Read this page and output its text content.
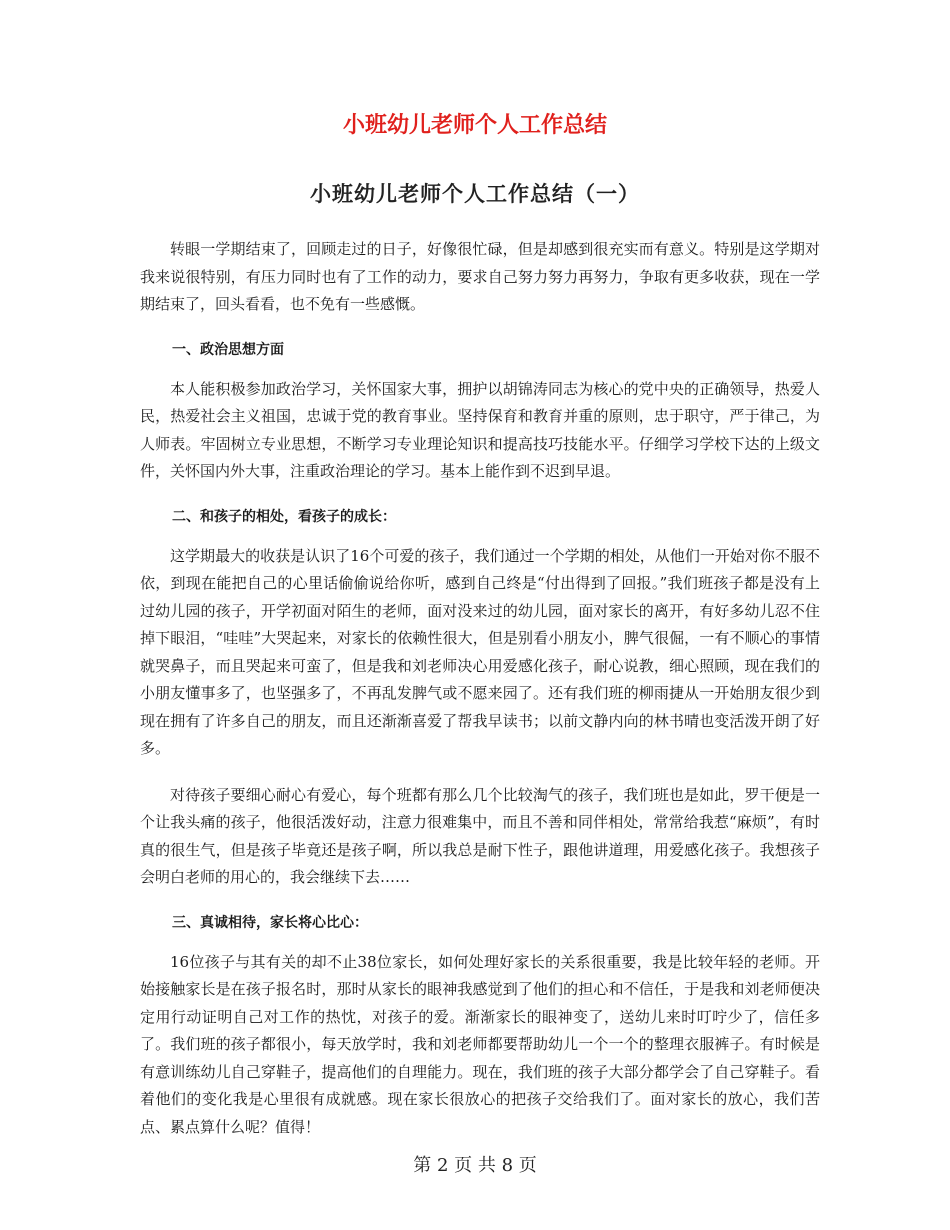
小班幼儿老师个人工作总结
小班幼儿老师个人工作总结（一）

转眼一学期结束了，回顾走过的日子，好像很忙碌，但是却感到很充实而有意义。特别是这学期对我来说很特别，有压力同时也有了工作的动力，要求自己努力努力再努力，争取有更多收获，现在一学期结束了，回头看看，也不免有一些感慨。

一、政治思想方面

本人能积极参加政治学习，关怀国家大事，拥护以胡锦涛同志为核心的党中央的正确领导，热爱人民，热爱社会主义祖国，忠诚于党的教育事业。坚持保育和教育并重的原则，忠于职守，严于律己，为人师表。牢固树立专业思想，不断学习专业理论知识和提高技巧技能水平。仔细学习学校下达的上级文件，关怀国内外大事，注重政治理论的学习。基本上能作到不迟到早退。

二、和孩子的相处，看孩子的成长：

这学期最大的收获是认识了16个可爱的孩子，我们通过一个学期的相处，从他们一开始对你不服不依，到现在能把自己的心里话偷偷说给你听，感到自己终是“付出得到了回报。”我们班孩子都是没有上过幼儿园的孩子，开学初面对陌生的老师，面对没来过的幼儿园，面对家长的离开，有好多幼儿忍不住掉下眼泪，“哇哇”大哭起来，对家长的依赖性很大，但是别看小朋友小，脾气很倔，一有不顺心的事情就哭鼻子，而且哭起来可蛮了，但是我和刘老师决心用爱感化孩子，耐心说教，细心照顾，现在我们的小朋友懂事多了，也坚强多了，不再乱发脾气或不愿来园了。还有我们班的柳雨捷从一开始朋友很少到现在拥有了许多自己的朋友，而且还渐渐喜爱了帮我早读书；以前文静内向的林书晴也变活泼开朗了好多。

对待孩子要细心耐心有爱心，每个班都有那么几个比较淘气的孩子，我们班也是如此，罗干便是一个让我头痛的孩子，他很活泼好动，注意力很难集中，而且不善和同伴相处，常常给我惹“麻烦”，有时真的很生气，但是孩子毕竟还是孩子啊，所以我总是耐下性子，跟他讲道理，用爱感化孩子。我想孩子会明白老师的用心的，我会继续下去……

三、真诚相待，家长将心比心：

16位孩子与其有关的却不止38位家长，如何处理好家长的关系很重要，我是比较年轻的老师。开始接触家长是在孩子报名时，那时从家长的眼神我感觉到了他们的担心和不信任，于是我和刘老师便决定用行动证明自己对工作的热忱，对孩子的爱。渐渐家长的眼神变了，送幼儿来时叮咛少了，信任多了。我们班的孩子都很小，每天放学时，我和刘老师都要帮助幼儿一个一个的整理衣服裤子。有时候是有意训练幼儿自己穿鞋子，提高他们的自理能力。现在，我们班的孩子大部分都学会了自己穿鞋子。看着他们的变化我是心里很有成就感。现在家长很放心的把孩子交给我们了。面对家长的放心，我们苦点、累点算什么呢？值得！

第 2 页 共 8 页
